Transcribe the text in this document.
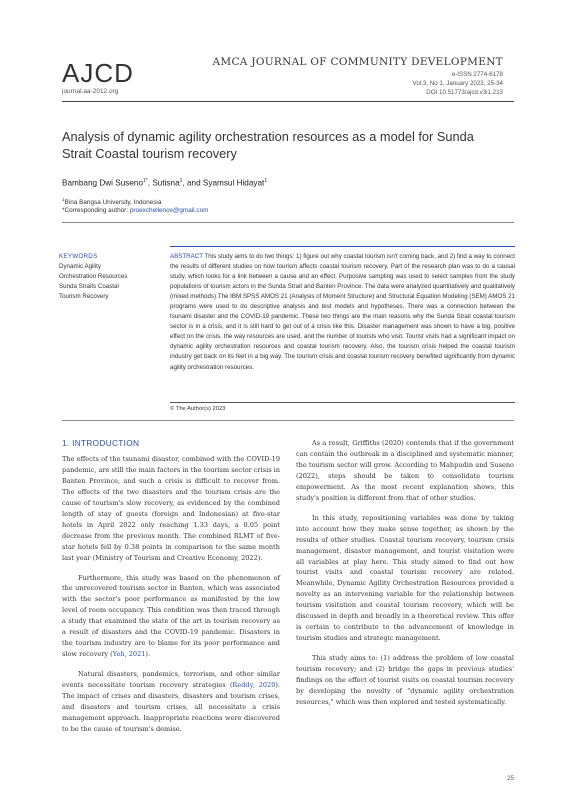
AJCD
journal.aa-2012.org
AMCA JOURNAL OF COMMUNITY DEVELOPMENT
e-ISSN 2774-6178
Vol.3, No 1, January 2023, 25-34
DOI 10.51773/ajcd.v3i1.213
Analysis of dynamic agility orchestration resources as a model for Sunda Strait Coastal tourism recovery
Bambang Dwi Suseno$^{1*}$, Sutisna$^1$, and Syamsul Hidayat$^1$
$^1$Bina Bangsa University, Indonesia
*Corresponding author: proexchellence@gmail.com
KEYWORDS
Dynamic Agility
Orchestration Resources
Sunda Straits Coastal
Tourism Recovery
ABSTRACT This study aims to do two things: 1) figure out why coastal tourism isn't coming back, and 2) find a way to connect the results of different studies on how tourism affects coastal tourism recovery. Part of the research plan was to do a causal study, which looks for a link between a cause and an effect. Purposive sampling was used to select samples from the study populations of tourism actors in the Sunda Strait and Banten Province. The data were analyzed quantitatively and qualitatively (mixed methods).The IBM SPSS AMOS 21 (Analysis of Moment Structure) and Structural Equation Modeling (SEM) AMOS 21 programs were used to do descriptive analysis and test models and hypotheses. There was a connection between the tsunami disaster and the COVID-19 pandemic. These two things are the main reasons why the Sunda Strait coastal tourism sector is in a crisis, and it is still hard to get out of a crisis like this. Disaster management was shown to have a big, positive effect on the crisis, the way resources are used, and the number of tourists who visit. Tourist visits had a significant impact on dynamic agility orchestration resources and coastal tourism recovery. Also, the tourism crisis helped the coastal tourism industry get back on its feet in a big way. The tourism crisis and coastal tourism recovery benefited significantly from dynamic agility orchestration resources.
© The Author(s) 2023
1. INTRODUCTION

The effects of the tsunami disaster, combined with the COVID-19 pandemic, are still the main factors in the tourism sector crisis in Banten Province, and such a crisis is difficult to recover from. The effects of the two disasters and the tourism crisis are the cause of tourism's slow recovery, as evidenced by the combined length of stay of guests (foreign and Indonesian) at five-star hotels in April 2022 only reaching 1.33 days, a 0.05 point decrease from the previous month. The combined RLMT of five-star hotels fell by 0.38 points in comparison to the same month last year (Ministry of Tourism and Creative Economy, 2022).

Furthermore, this study was based on the phenomenon of the unrecovered tourism sector in Banten, which was associated with the sector's poor performance as manifested by the low level of room occupancy. This condition was then traced through a study that examined the state of the art in tourism recovery as a result of disasters and the COVID-19 pandemic. Disasters in the tourism industry are to blame for its poor performance and slow recovery (Yeh, 2021).

Natural disasters, pandemics, terrorism, and other similar events necessitate tourism recovery strategies (Reddy, 2020). The impact of crises and disasters, disasters and tourism crises, and disasters and tourism crises, all necessitate a crisis management approach. Inappropriate reactions were discovered to be the cause of tourism's demise.

As a result, Griffiths (2020) contends that if the government can contain the outbreak in a disciplined and systematic manner, the tourism sector will grow. According to Mahpudin and Suseno (2022), steps should be taken to consolidate tourism empowerment. As the most recent explanation shows, this study's position is different from that of other studies.

In this study, repositioning variables was done by taking into account how they make sense together, as shown by the results of other studies. Coastal tourism recovery, tourism crisis management, disaster management, and tourist visitation were all variables at play here. This study aimed to find out how tourist visits and coastal tourism recovery are related. Meanwhile, Dynamic Agility Orchestration Resources provided a novelty as an intervening variable for the relationship between tourism visitation and coastal tourism recovery, which will be discussed in depth and broadly in a theoretical review. This offer is certain to contribute to the advancement of knowledge in tourism studies and strategic management.

This study aims to: (1) address the problem of low coastal tourism recovery; and (2) bridge the gaps in previous studies' findings on the effect of tourist visits on coastal tourism recovery by developing the novelty of "dynamic agility orchestration resources," which was then explored and tested systematically.

25
